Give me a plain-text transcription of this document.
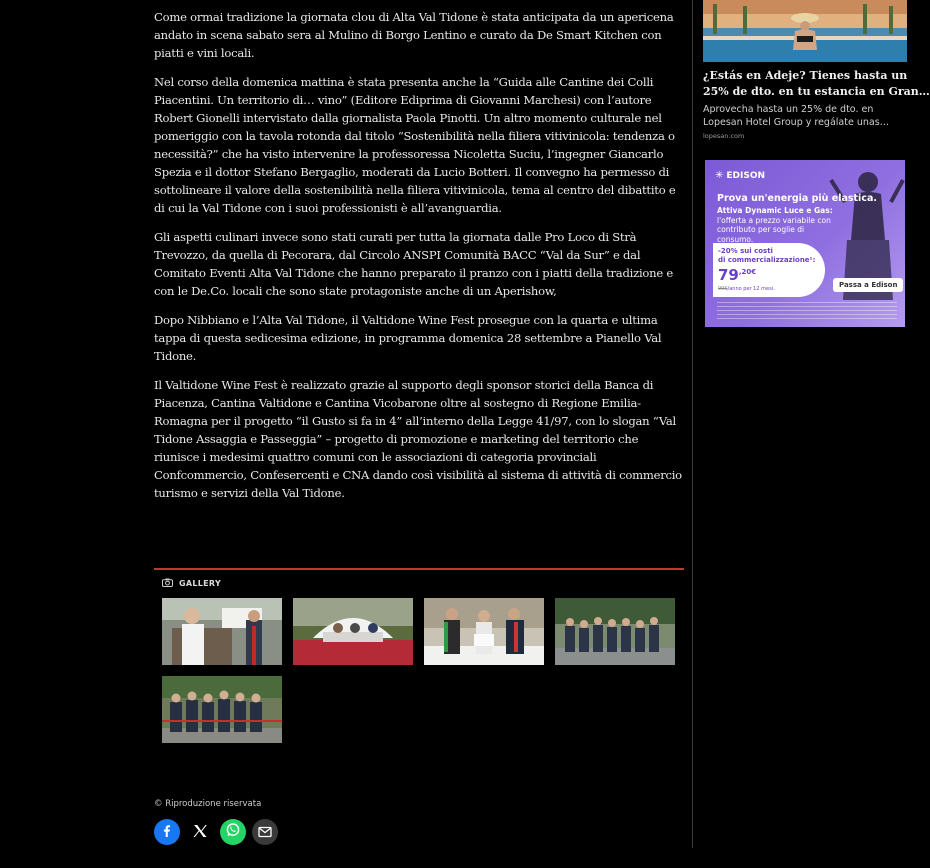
Come ormai tradizione la giornata clou di Alta Val Tidone è stata anticipata da un apericena andato in scena sabato sera al Mulino di Borgo Lentino e curato da De Smart Kitchen con piatti e vini locali.

Nel corso della domenica mattina è stata presenta anche la “Guida alle Cantine dei Colli Piacentini. Un territorio di… vino” (Editore Ediprima di Giovanni Marchesi) con l’autore Robert Gionelli intervistato dalla giornalista Paola Pinotti. Un altro momento culturale nel pomeriggio con la tavola rotonda dal titolo “Sostenibilità nella filiera vitivinicola: tendenza o necessità?” che ha visto intervenire la professoressa Nicoletta Suciu, l’ingegner Giancarlo Spezia e il dottor Stefano Bergaglio, moderati da Lucio Botteri. Il convegno ha permesso di sottolineare il valore della sostenibilità nella filiera vitivinicola, tema al centro del dibattito e di cui la Val Tidone con i suoi professionisti è all’avanguardia.

Gli aspetti culinari invece sono stati curati per tutta la giornata dalle Pro Loco di Strà Trevozzo, da quella di Pecorara, dal Circolo ANSPI Comunità BACC “Val da Sur” e dal Comitato Eventi Alta Val Tidone che hanno preparato il pranzo con i piatti della tradizione e con le De.Co. locali che sono state protagoniste anche di un Aperishow,

Dopo Nibbiano e l’Alta Val Tidone, il Valtidone Wine Fest prosegue con la quarta e ultima tappa di questa sedicesima edizione, in programma domenica 28 settembre a Pianello Val Tidone.

Il Valtidone Wine Fest è realizzato grazie al supporto degli sponsor storici della Banca di Piacenza, Cantina Valtidone e Cantina Vicobarone oltre al sostegno di Regione Emilia-Romagna per il progetto “il Gusto si fa in 4” all’interno della Legge 41/97, con lo slogan “Val Tidone Assaggia e Passeggia” – progetto di promozione e marketing del territorio che riunisce i medesimi quattro comuni con le associazioni di categoria provinciali Confcommercio, Confesercenti e CNA dando così visibilità al sistema di attività di commercio turismo e servizi della Val Tidone.

GALLERY
© Riproduzione riservata
¿Estás en Adeje? Tienes hasta un
25% de dto. en tu estancia en Gran…
Aprovecha hasta un 25% de dto. en Lopesan Hotel Group y regálate unas…
lopesan.com
✳ EDISON
Prova un'energia più elastica.
Attiva Dynamic Luce e Gas: l'offerta a prezzo variabile con contributo per soglie di consumo.
-20% sui costi
di commercializzazione¹:
$79^{,20€}$
99€/anno per 12 mesi.	Passa a Edison
